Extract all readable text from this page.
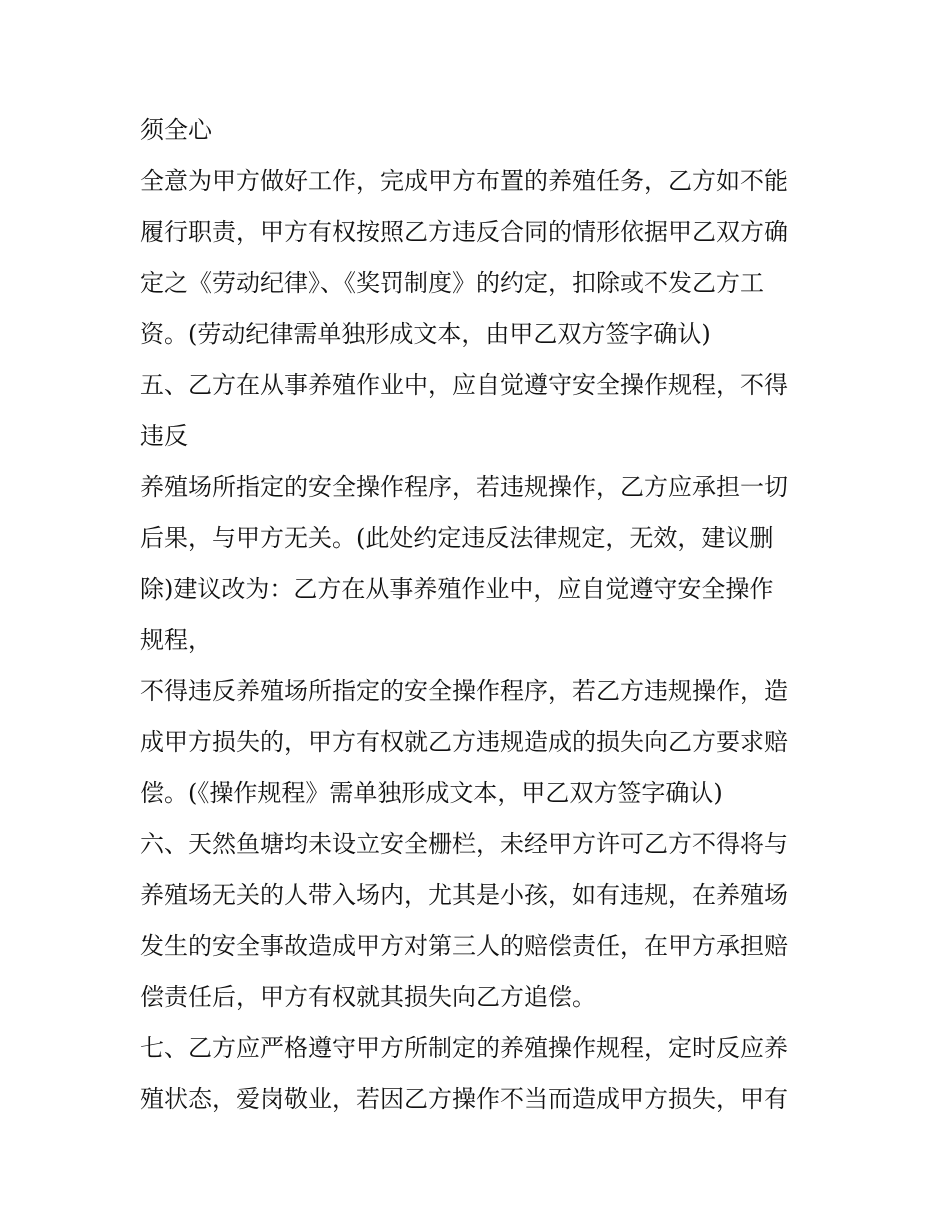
须全心
全意为甲方做好工作，完成甲方布置的养殖任务，乙方如不能
履行职责，甲方有权按照乙方违反合同的情形依据甲乙双方确
定之《劳动纪律》、《奖罚制度》的约定，扣除或不发乙方工
资。(劳动纪律需单独形成文本，由甲乙双方签字确认)
五、乙方在从事养殖作业中，应自觉遵守安全操作规程，不得
违反
养殖场所指定的安全操作程序，若违规操作，乙方应承担一切
后果，与甲方无关。(此处约定违反法律规定，无效，建议删
除)建议改为：乙方在从事养殖作业中，应自觉遵守安全操作
规程，
不得违反养殖场所指定的安全操作程序，若乙方违规操作，造
成甲方损失的，甲方有权就乙方违规造成的损失向乙方要求赔
偿。(《操作规程》需单独形成文本，甲乙双方签字确认)
六、天然鱼塘均未设立安全栅栏，未经甲方许可乙方不得将与
养殖场无关的人带入场内，尤其是小孩，如有违规，在养殖场
发生的安全事故造成甲方对第三人的赔偿责任，在甲方承担赔
偿责任后，甲方有权就其损失向乙方追偿。
七、乙方应严格遵守甲方所制定的养殖操作规程，定时反应养
殖状态，爱岗敬业，若因乙方操作不当而造成甲方损失，甲有
